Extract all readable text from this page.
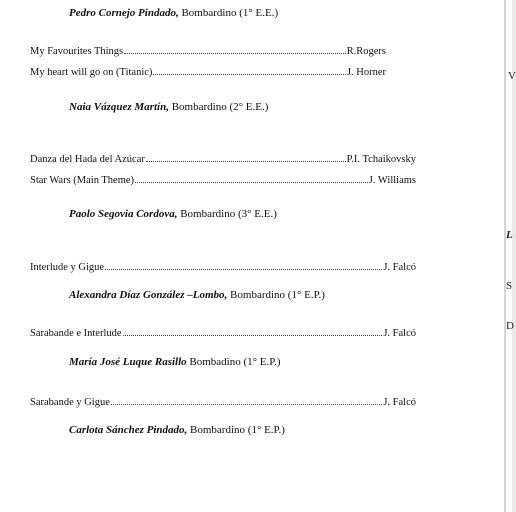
Pedro Cornejo Pindado, Bombardino (1° E.E.)
My Favourites Things	R.Rogers
My heart will go on (Titanic)	J. Horner
Naia Vázquez Martín, Bombardino (2° E.E.)
Danza del Hada del Azúcar	P.I. Tchaikovsky
Star Wars (Main Theme)	J. Williams
Paolo Segovia Cordova, Bombardino (3° E.E.)
Interlude y Gigue	J. Falcó
Alexandra Díaz González –Lombo, Bombardino (1° E.P.)
Sarabande e Interlude	J. Falcó
María José Luque Rasillo Bombadino (1° E.P.)
Sarabande y Gigue	J. Falcó
Carlota Sánchez Pindado, Bombardino (1° E.P.)
V
L
S
D
